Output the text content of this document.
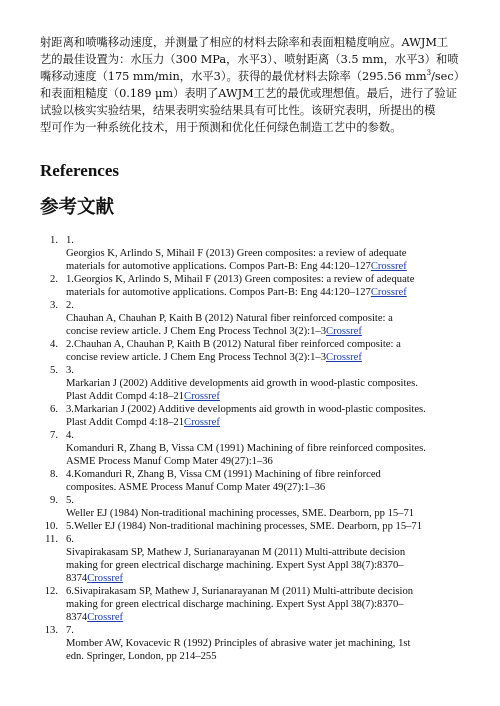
射距离和喷嘴移动速度，并测量了相应的材料去除率和表面粗糙度响应。AWJM工
艺的最佳设置为：水压力（300 MPa，水平3）、喷射距离（3.5 mm，水平3）和喷
嘴移动速度（175 mm/min，水平3）。获得的最优材料去除率（295.56 $mm^3/\sec$）
和表面粗糙度（0.189 μm）表明了AWJM工艺的最优或理想值。最后，进行了验证
试验以核实实验结果，结果表明实验结果具有可比性。该研究表明，所提出的模
型可作为一种系统化技术，用于预测和优化任何绿色制造工艺中的参数。

References
参考文献
1. 1.
Georgios K, Arlindo S, Mihail F (2013) Green composites: a review of adequate
materials for automotive applications. Compos Part-B: Eng 44:120–127Crossref
2. 1.Georgios K, Arlindo S, Mihail F (2013) Green composites: a review of adequate
materials for automotive applications. Compos Part-B: Eng 44:120–127Crossref
3. 2.
Chauhan A, Chauhan P, Kaith B (2012) Natural fiber reinforced composite: a
concise review article. J Chem Eng Process Technol 3(2):1–3Crossref
4. 2.Chauhan A, Chauhan P, Kaith B (2012) Natural fiber reinforced composite: a
concise review article. J Chem Eng Process Technol 3(2):1–3Crossref
5. 3.
Markarian J (2002) Additive developments aid growth in wood-plastic composites.
Plast Addit Compd 4:18–21Crossref
6. 3.Markarian J (2002) Additive developments aid growth in wood-plastic composites.
Plast Addit Compd 4:18–21Crossref
7. 4.
Komanduri R, Zhang B, Vissa CM (1991) Machining of fibre reinforced composites.
ASME Process Manuf Comp Mater 49(27):1–36
8. 4.Komanduri R, Zhang B, Vissa CM (1991) Machining of fibre reinforced
composites. ASME Process Manuf Comp Mater 49(27):1–36
9. 5.
Weller EJ (1984) Non-traditional machining processes, SME. Dearborn, pp 15–71
10. 5.Weller EJ (1984) Non-traditional machining processes, SME. Dearborn, pp 15–71
11. 6.
Sivapirakasam SP, Mathew J, Surianarayanan M (2011) Multi-attribute decision
making for green electrical discharge machining. Expert Syst Appl 38(7):8370–
8374Crossref
12. 6.Sivapirakasam SP, Mathew J, Surianarayanan M (2011) Multi-attribute decision
making for green electrical discharge machining. Expert Syst Appl 38(7):8370–
8374Crossref
13. 7.
Momber AW, Kovacevic R (1992) Principles of abrasive water jet machining, 1st
edn. Springer, London, pp 214–255
